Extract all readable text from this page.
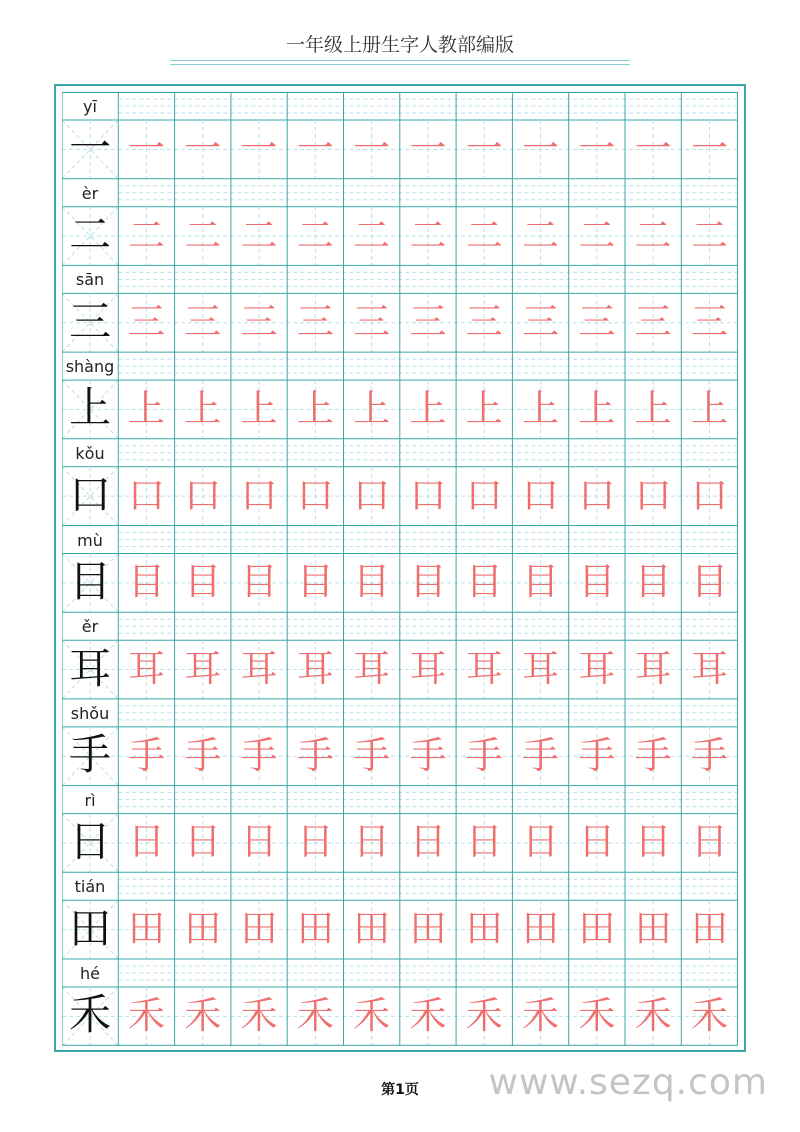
一年级上册生字人教部编版
yī
一 一 一 一 一 一 一 一 一 一 一 一
èr
二 二 二 二 二 二 二 二 二 二 二 二
sān
三 三 三 三 三 三 三 三 三 三 三 三
shàng
上 上 上 上 上 上 上 上 上 上 上 上
kǒu
口 口 口 口 口 口 口 口 口 口 口 口
mù
目 目 目 目 目 目 目 目 目 目 目 目
ěr
耳 耳 耳 耳 耳 耳 耳 耳 耳 耳 耳 耳
shǒu
手 手 手 手 手 手 手 手 手 手 手 手
rì
日 日 日 日 日 日 日 日 日 日 日 日
tián
田 田 田 田 田 田 田 田 田 田 田 田
hé
禾 禾 禾 禾 禾 禾 禾 禾 禾 禾 禾 禾
第1页	www.sezq.com
